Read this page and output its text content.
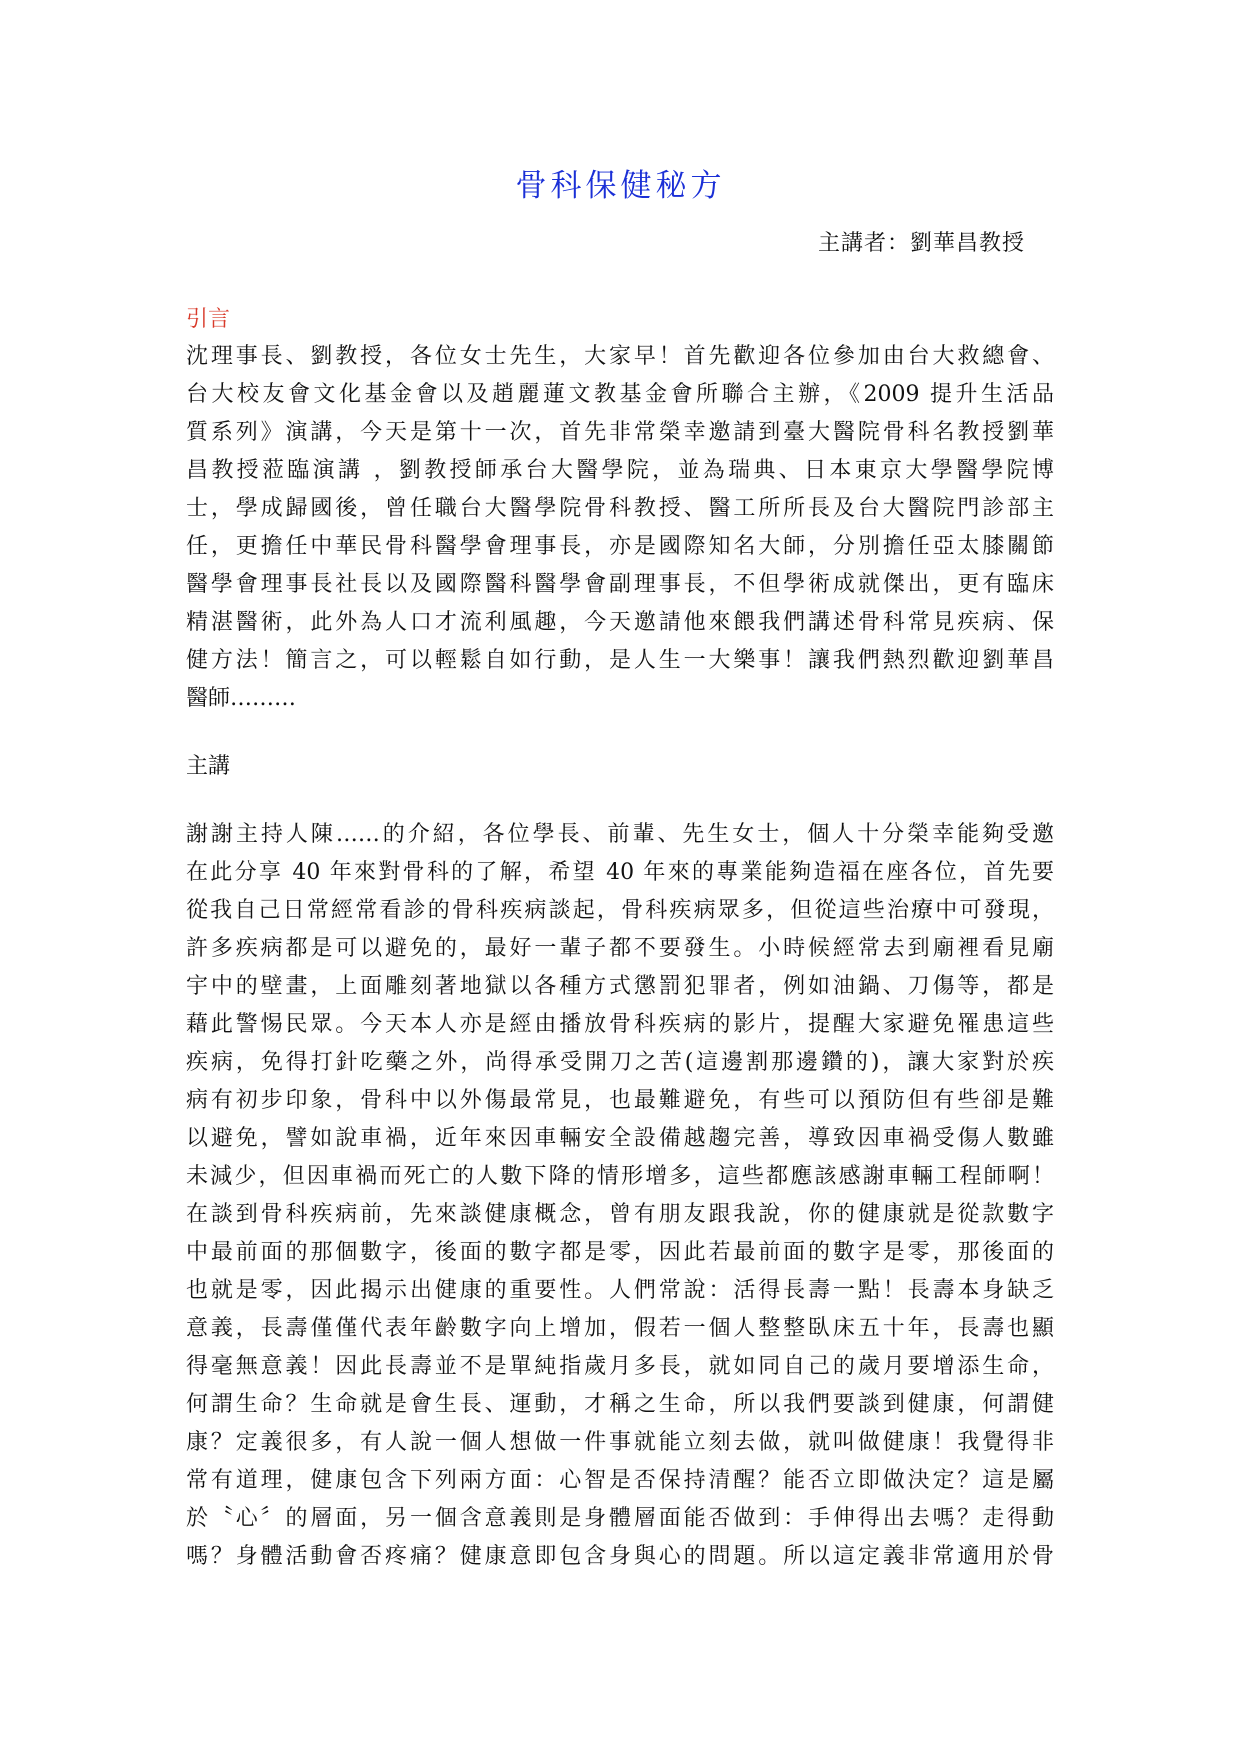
骨科保健秘方
主講者：劉華昌教授
引言
沈理事長、劉教授，各位女士先生，大家早！首先歡迎各位參加由台大救總會、
台大校友會文化基金會以及趙麗蓮文教基金會所聯合主辦，《2009 提升生活品
質系列》演講，今天是第十一次，首先非常榮幸邀請到臺大醫院骨科名教授劉華
昌教授蒞臨演講 ，劉教授師承台大醫學院，並為瑞典、日本東京大學醫學院博
士，學成歸國後，曾任職台大醫學院骨科教授、醫工所所長及台大醫院門診部主
任，更擔任中華民骨科醫學會理事長，亦是國際知名大師，分別擔任亞太膝關節
醫學會理事長社長以及國際醫科醫學會副理事長，不但學術成就傑出，更有臨床
精湛醫術，此外為人口才流利風趣，今天邀請他來餵我們講述骨科常見疾病、保
健方法！簡言之，可以輕鬆自如行動，是人生一大樂事！讓我們熱烈歡迎劉華昌
醫師………
主講
謝謝主持人陳……的介紹，各位學長、前輩、先生女士，個人十分榮幸能夠受邀
在此分享 40 年來對骨科的了解，希望 40 年來的專業能夠造福在座各位，首先要
從我自己日常經常看診的骨科疾病談起，骨科疾病眾多，但從這些治療中可發現，
許多疾病都是可以避免的，最好一輩子都不要發生。小時候經常去到廟裡看見廟
宇中的壁畫，上面雕刻著地獄以各種方式懲罰犯罪者，例如油鍋、刀傷等，都是
藉此警惕民眾。今天本人亦是經由播放骨科疾病的影片，提醒大家避免罹患這些
疾病，免得打針吃藥之外，尚得承受開刀之苦(這邊割那邊鑽的)，讓大家對於疾
病有初步印象，骨科中以外傷最常見，也最難避免，有些可以預防但有些卻是難
以避免，譬如說車禍，近年來因車輛安全設備越趨完善，導致因車禍受傷人數雖
未減少，但因車禍而死亡的人數下降的情形增多，這些都應該感謝車輛工程師啊！
在談到骨科疾病前，先來談健康概念，曾有朋友跟我說，你的健康就是從款數字
中最前面的那個數字，後面的數字都是零，因此若最前面的數字是零，那後面的
也就是零，因此揭示出健康的重要性。人們常說：活得長壽一點！長壽本身缺乏
意義，長壽僅僅代表年齡數字向上增加，假若一個人整整臥床五十年，長壽也顯
得毫無意義！因此長壽並不是單純指歲月多長，就如同自己的歲月要增添生命，
何謂生命？生命就是會生長、運動，才稱之生命，所以我們要談到健康，何謂健
康？定義很多，有人說一個人想做一件事就能立刻去做，就叫做健康！我覺得非
常有道理，健康包含下列兩方面：心智是否保持清醒？能否立即做決定？這是屬
於〝心〞的層面，另一個含意義則是身體層面能否做到：手伸得出去嗎？走得動
嗎？身體活動會否疼痛？健康意即包含身與心的問題。所以這定義非常適用於骨
